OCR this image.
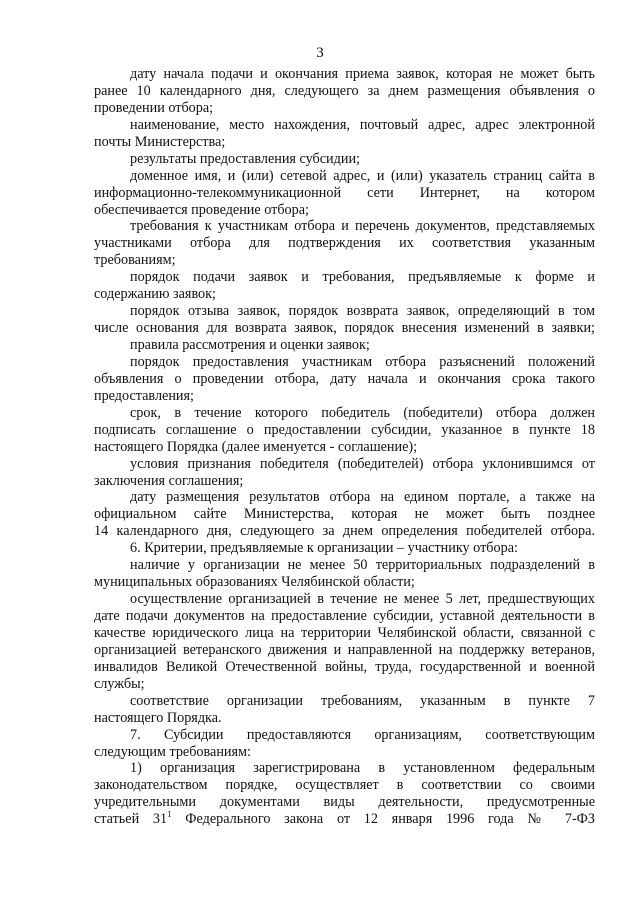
3
дату начала подачи и окончания приема заявок, которая не может быть
ранее 10 календарного дня, следующего за днем размещения объявления о
проведении отбора;
наименование, место нахождения, почтовый адрес, адрес электронной
почты Министерства;
результаты предоставления субсидии;
доменное имя, и (или) сетевой адрес, и (или) указатель страниц сайта в
информационно-телекоммуникационной сети Интернет, на котором
обеспечивается проведение отбора;
требования к участникам отбора и перечень документов, представляемых
участниками отбора для подтверждения их соответствия указанным
требованиям;
порядок подачи заявок и требования, предъявляемые к форме и
содержанию заявок;
порядок отзыва заявок, порядок возврата заявок, определяющий в том
числе основания для возврата заявок, порядок внесения изменений в заявки;
правила рассмотрения и оценки заявок;
порядок предоставления участникам отбора разъяснений положений
объявления о проведении отбора, дату начала и окончания срока такого
предоставления;
срок, в течение которого победитель (победители) отбора должен
подписать соглашение о предоставлении субсидии, указанное в пункте 18
настоящего Порядка (далее именуется - соглашение);
условия признания победителя (победителей) отбора уклонившимся от
заключения соглашения;
дату размещения результатов отбора на едином портале, а также на
официальном сайте Министерства, которая не может быть позднее
14 календарного дня, следующего за днем определения победителей отбора.
6. Критерии, предъявляемые к организации – участнику отбора:
наличие у организации не менее 50 территориальных подразделений в
муниципальных образованиях Челябинской области;
осуществление организацией в течение не менее 5 лет, предшествующих
дате подачи документов на предоставление субсидии, уставной деятельности в
качестве юридического лица на территории Челябинской области, связанной с
организацией ветеранского движения и направленной на поддержку ветеранов,
инвалидов Великой Отечественной войны, труда, государственной и военной
службы;
соответствие организации требованиям, указанным в пункте 7
настоящего Порядка.
7. Субсидии предоставляются организациям, соответствующим
следующим требованиям:
1) организация зарегистрирована в установленном федеральным
законодательством порядке, осуществляет в соответствии со своими
учредительными документами виды деятельности, предусмотренные
статьей $31^1$ Федерального закона от 12 января 1996 года № 7-ФЗ
